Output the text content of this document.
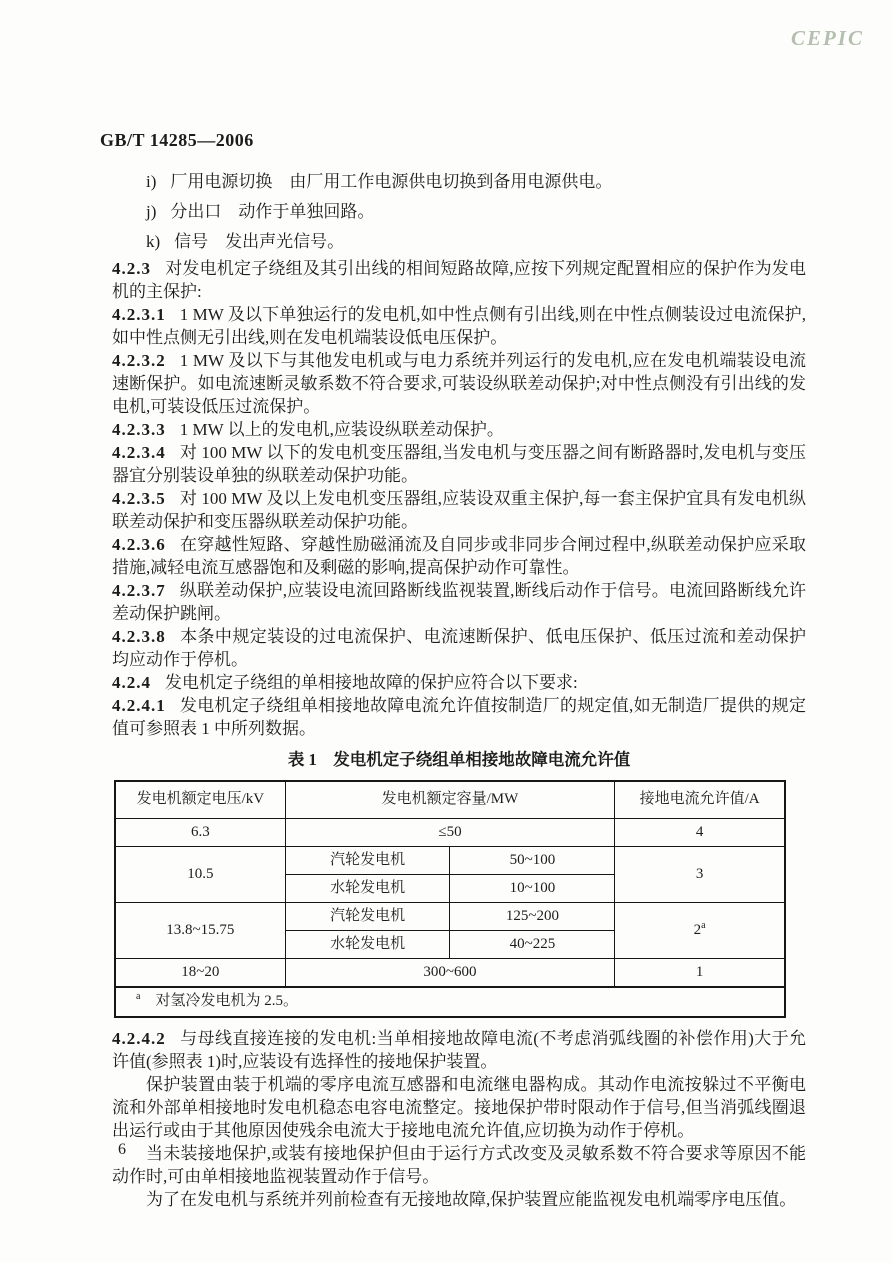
CEPIC
GB/T 14285—2006

i) 厂用电源切换　由厂用工作电源供电切换到备用电源供电。

j) 分出口　动作于单独回路。

k) 信号　发出声光信号。

4.2.3 对发电机定子绕组及其引出线的相间短路故障,应按下列规定配置相应的保护作为发电机的主保护:

4.2.3.1 1 MW 及以下单独运行的发电机,如中性点侧有引出线,则在中性点侧装设过电流保护,如中性点侧无引出线,则在发电机端装设低电压保护。

4.2.3.2 1 MW 及以下与其他发电机或与电力系统并列运行的发电机,应在发电机端装设电流速断保护。如电流速断灵敏系数不符合要求,可装设纵联差动保护;对中性点侧没有引出线的发电机,可装设低压过流保护。

4.2.3.3 1 MW 以上的发电机,应装设纵联差动保护。

4.2.3.4 对 100 MW 以下的发电机变压器组,当发电机与变压器之间有断路器时,发电机与变压器宜分别装设单独的纵联差动保护功能。

4.2.3.5 对 100 MW 及以上发电机变压器组,应装设双重主保护,每一套主保护宜具有发电机纵联差动保护和变压器纵联差动保护功能。

4.2.3.6 在穿越性短路、穿越性励磁涌流及自同步或非同步合闸过程中,纵联差动保护应采取措施,减轻电流互感器饱和及剩磁的影响,提高保护动作可靠性。

4.2.3.7 纵联差动保护,应装设电流回路断线监视装置,断线后动作于信号。电流回路断线允许差动保护跳闸。

4.2.3.8 本条中规定装设的过电流保护、电流速断保护、低电压保护、低压过流和差动保护均应动作于停机。

4.2.4 发电机定子绕组的单相接地故障的保护应符合以下要求:

4.2.4.1 发电机定子绕组单相接地故障电流允许值按制造厂的规定值,如无制造厂提供的规定值可参照表 1 中所列数据。

表 1　发电机定子绕组单相接地故障电流允许值
发电机额定电压/kV	发电机额定容量/MW		接地电流允许值/A
6.3	≤50		4
10.5	汽轮发电机	50~100	3
	水轮发电机	10~100	
13.8~15.75	汽轮发电机	125~200	2$^a$
	水轮发电机	40~225	
18~20	300~600		1
$^a$　 对氢冷发电机为 2.5。			

4.2.4.2 与母线直接连接的发电机:当单相接地故障电流(不考虑消弧线圈的补偿作用)大于允许值(参照表 1)时,应装设有选择性的接地保护装置。

保护装置由装于机端的零序电流互感器和电流继电器构成。其动作电流按躲过不平衡电流和外部单相接地时发电机稳态电容电流整定。接地保护带时限动作于信号,但当消弧线圈退出运行或由于其他原因使残余电流大于接地电流允许值,应切换为动作于停机。

当未装接地保护,或装有接地保护但由于运行方式改变及灵敏系数不符合要求等原因不能动作时,可由单相接地监视装置动作于信号。

为了在发电机与系统并列前检查有无接地故障,保护装置应能监视发电机端零序电压值。

6
